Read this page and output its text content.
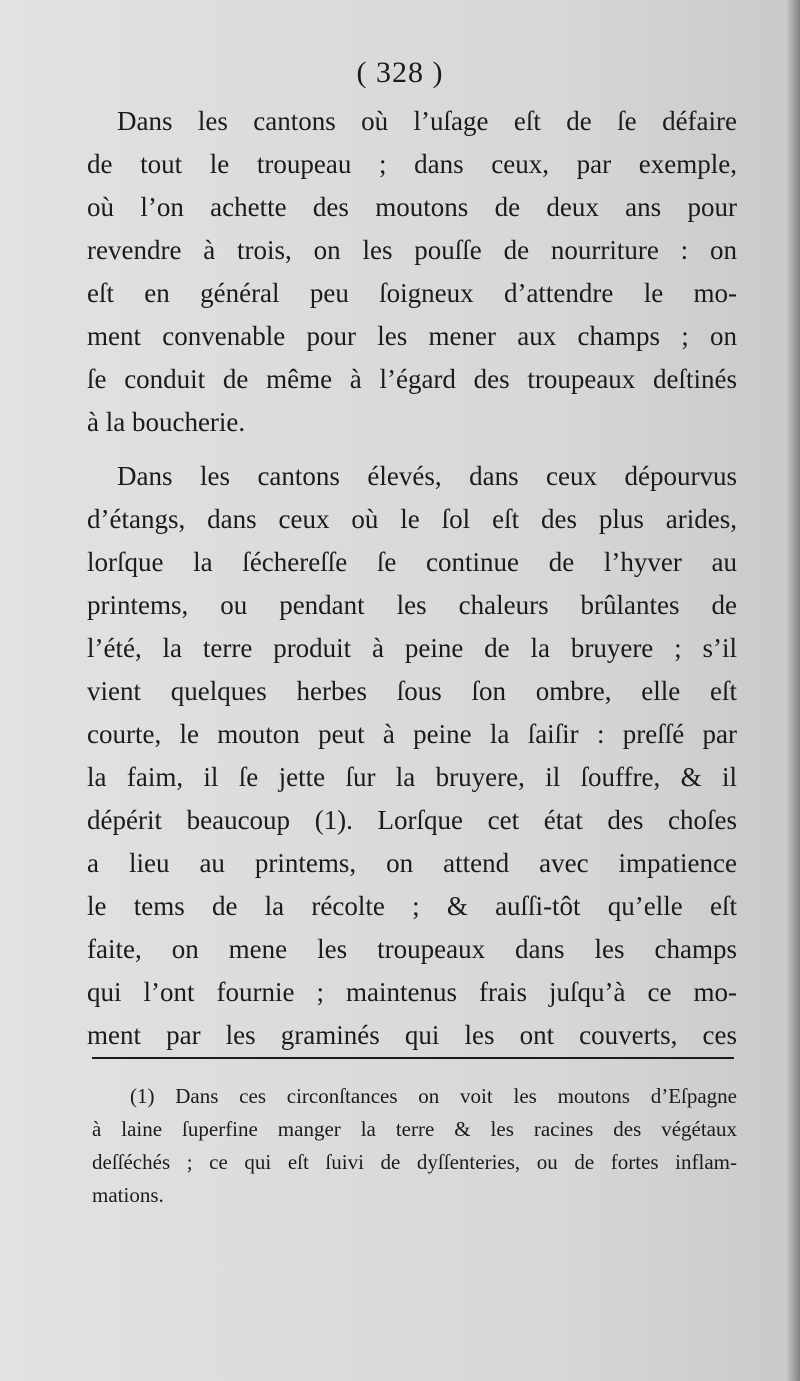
( 328 )

Dans les cantons où l’uſage eſt de ſe défaire
de tout le troupeau ; dans ceux, par exemple,
où l’on achette des moutons de deux ans pour
revendre à trois, on les pouſſe de nourriture : on
eſt en général peu ſoigneux d’attendre le mo-
ment convenable pour les mener aux champs ; on
ſe conduit de même à l’égard des troupeaux deſtinés
à la boucherie.

Dans les cantons élevés, dans ceux dépourvus
d’étangs, dans ceux où le ſol eſt des plus arides,
lorſque la ſécherеſſe ſe continue de l’hyver au
printems, ou pendant les chaleurs brûlantes de
l’été, la terre produit à peine de la bruyere ; s’il
vient quelques herbes ſous ſon ombre, elle eſt
courte, le mouton peut à peine la ſaiſir : preſſé par
la faim, il ſe jette ſur la bruyere, il ſouffre, & il
dépérit beaucoup (1). Lorſque cet état des choſes
a lieu au printems, on attend avec impatience
le tems de la récolte ; & auſſi-tôt qu’elle eſt
faite, on mene les troupeaux dans les champs
qui l’ont fournie ; maintenus frais juſqu’à ce mo-
ment par les graminés qui les ont couverts, ces

(1) Dans ces circonſtances on voit les moutons d’Eſpagne
à laine ſuperfine manger la terre & les racines des végétaux
deſſéchés ; ce qui eſt ſuivi de dyſſenteries, ou de fortes inflam-
mations.
